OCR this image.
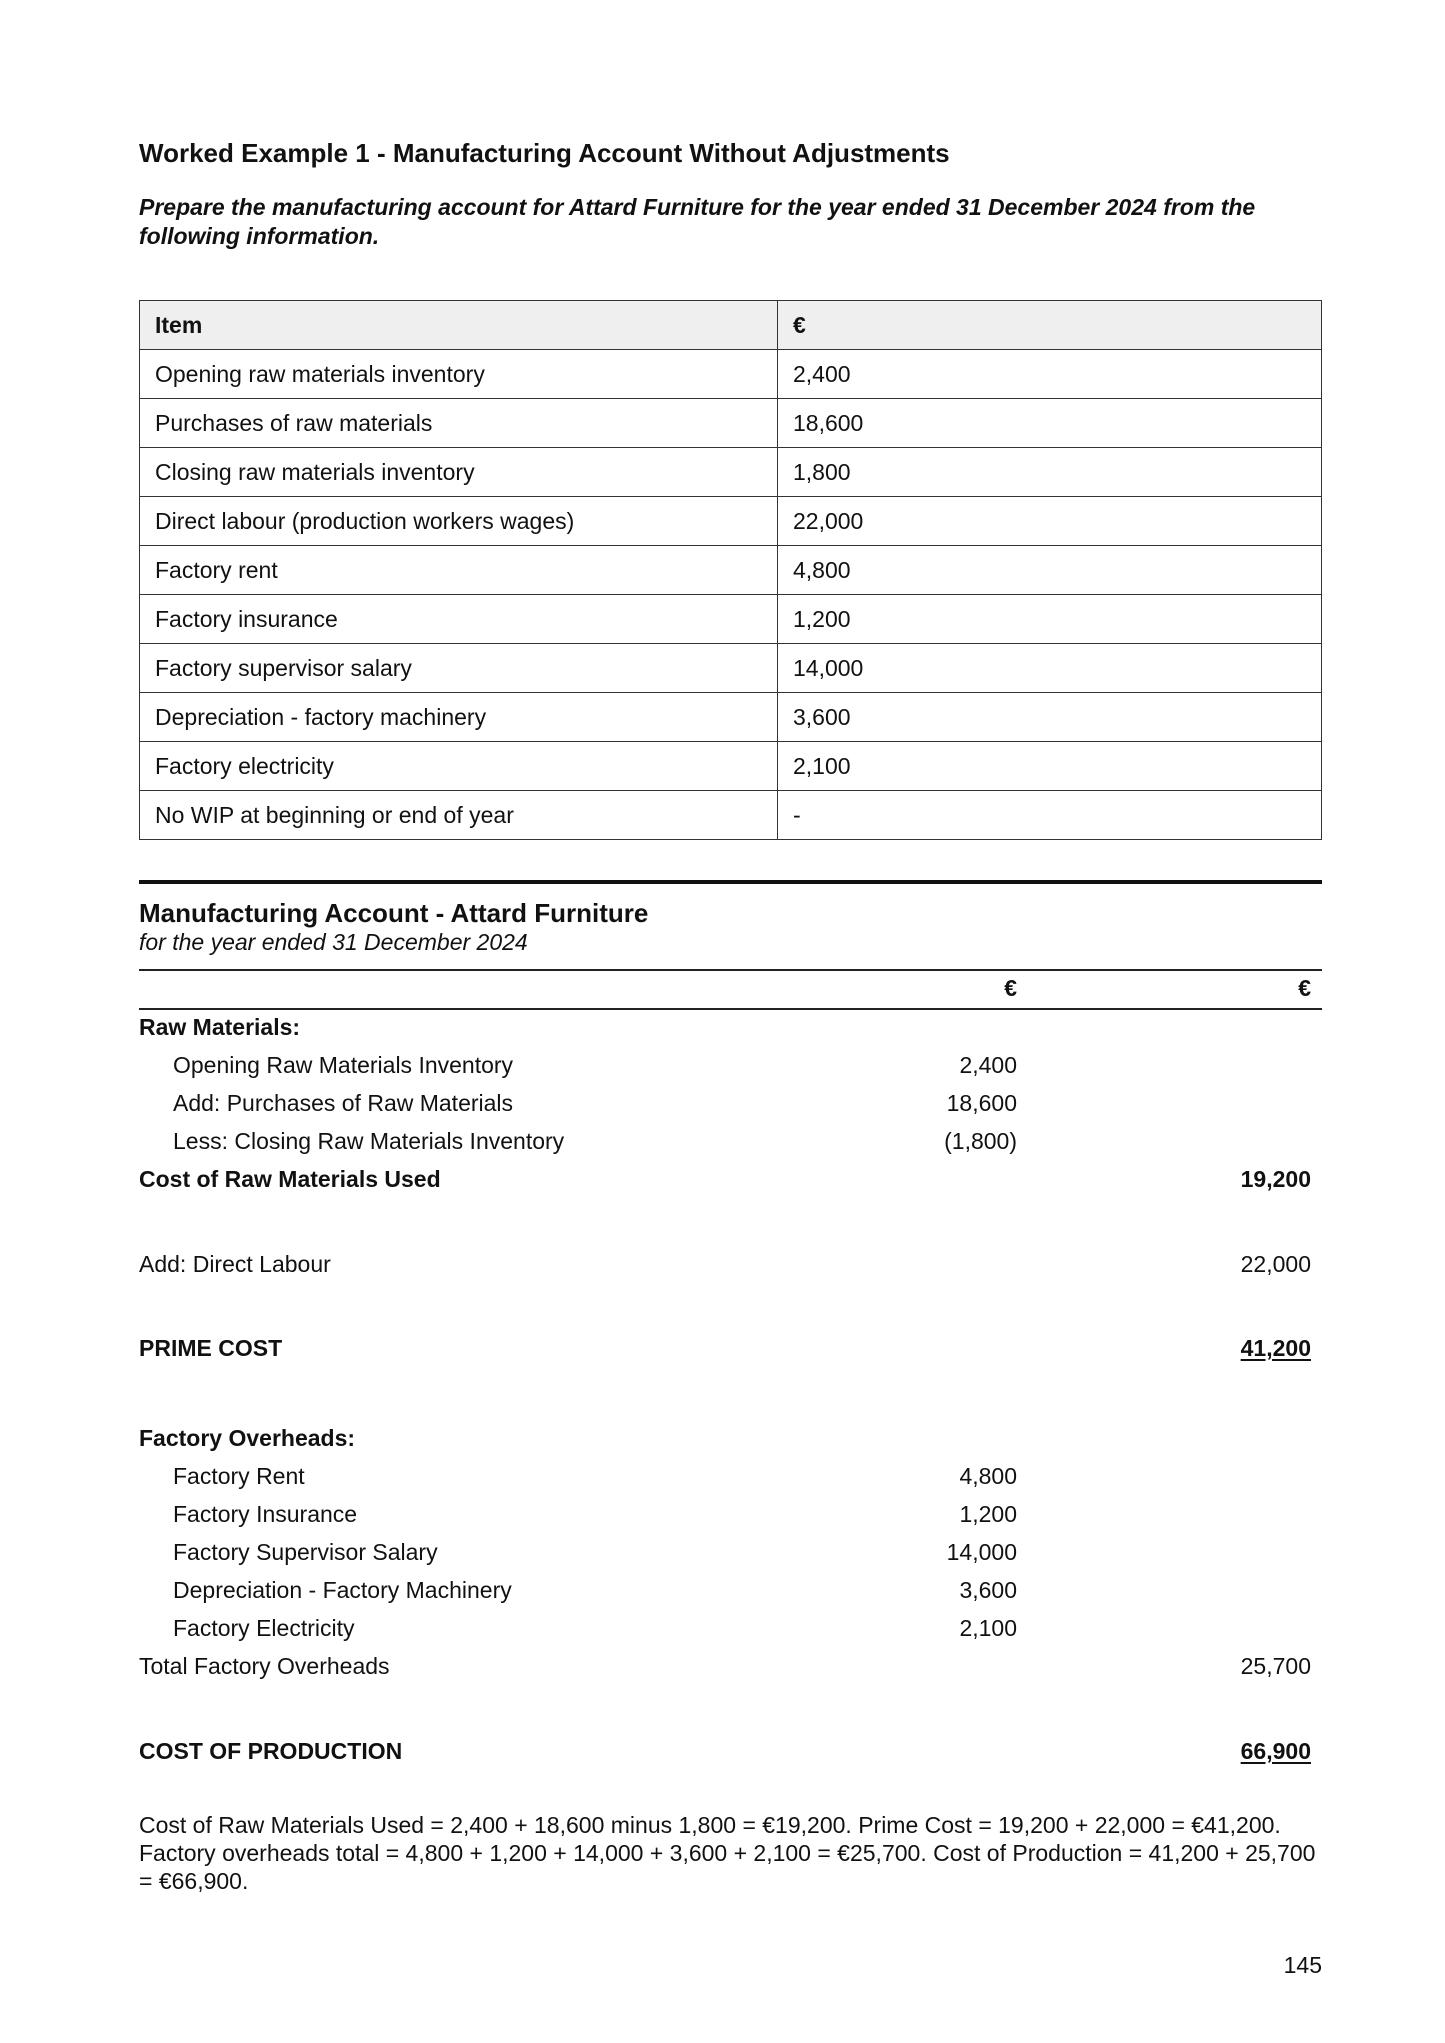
Worked Example 1 - Manufacturing Account Without Adjustments
Prepare the manufacturing account for Attard Furniture for the year ended 31 December 2024 from the following information.
Item	€
Opening raw materials inventory	2,400
Purchases of raw materials	18,600
Closing raw materials inventory	1,800
Direct labour (production workers wages)	22,000
Factory rent	4,800
Factory insurance	1,200
Factory supervisor salary	14,000
Depreciation - factory machinery	3,600
Factory electricity	2,100
No WIP at beginning or end of year	-
Manufacturing Account - Attard Furniture
for the year ended 31 December 2024
€	€
Raw Materials:
Opening Raw Materials Inventory	2,400
Add: Purchases of Raw Materials	18,600
Less: Closing Raw Materials Inventory	(1,800)
Cost of Raw Materials Used	19,200
Add: Direct Labour	22,000
PRIME COST	41,200
Factory Overheads:
Factory Rent	4,800
Factory Insurance	1,200
Factory Supervisor Salary	14,000
Depreciation - Factory Machinery	3,600
Factory Electricity	2,100
Total Factory Overheads	25,700
COST OF PRODUCTION	66,900
Cost of Raw Materials Used = 2,400 + 18,600 minus 1,800 = €19,200. Prime Cost = 19,200 + 22,000 = €41,200. Factory overheads total = 4,800 + 1,200 + 14,000 + 3,600 + 2,100 = €25,700. Cost of Production = 41,200 + 25,700 = €66,900.
145
